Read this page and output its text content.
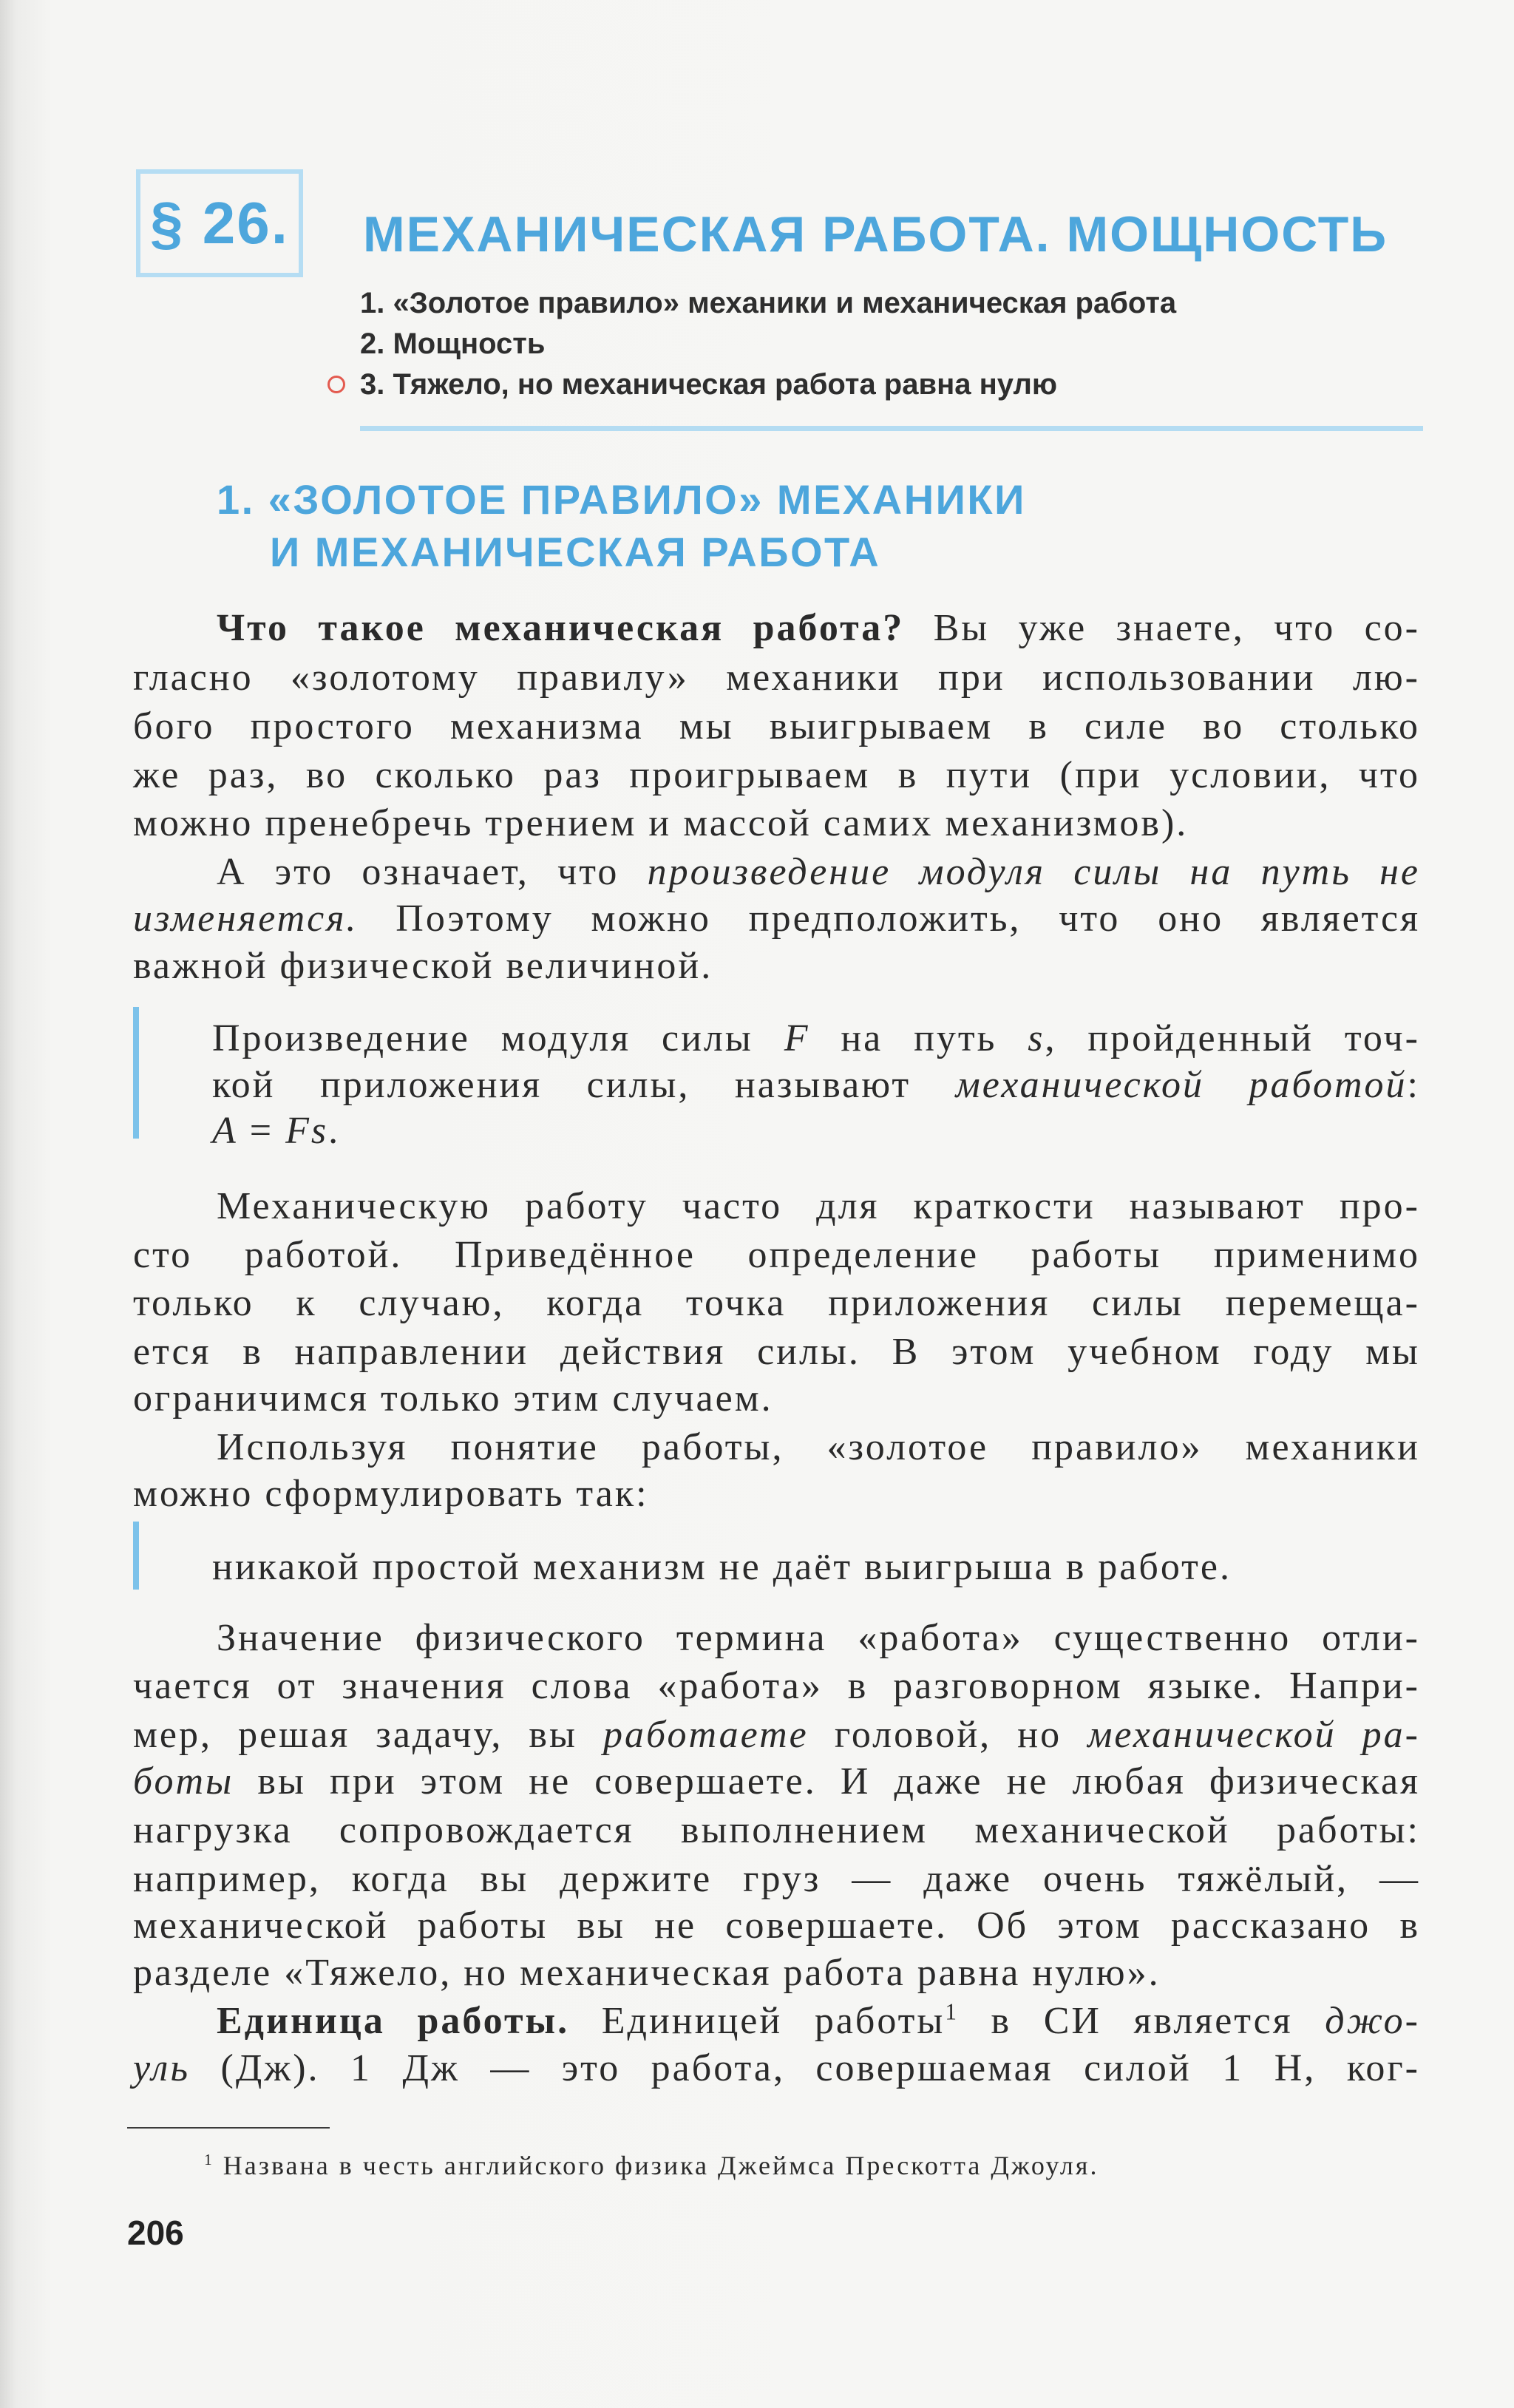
§ 26. МЕХАНИЧЕСКАЯ РАБОТА. МОЩНОСТЬ
1. «Золотое правило» механики и механическая работа
2. Мощность
3. Тяжело, но механическая работа равна нулю
1. «ЗОЛОТОЕ ПРАВИЛО» МЕХАНИКИ
И МЕХАНИЧЕСКАЯ РАБОТА
Что такое механическая работа? Вы уже знаете, что со-
гласно «золотому правилу» механики при использовании лю-
бого простого механизма мы выигрываем в силе во столько
же раз, во сколько раз проигрываем в пути (при условии, что
можно пренебречь трением и массой самих механизмов).
А это означает, что произведение модуля силы на путь не
изменяется. Поэтому можно предположить, что оно является
важной физической величиной.
Произведение модуля силы F на путь s, пройденный точ-
кой приложения силы, называют механической работой:
A = Fs.
Механическую работу часто для краткости называют про-
сто работой. Приведённое определение работы применимо
только к случаю, когда точка приложения силы перемеща-
ется в направлении действия силы. В этом учебном году мы
ограничимся только этим случаем.
Используя понятие работы, «золотое правило» механики
можно сформулировать так:
никакой простой механизм не даёт выигрыша в работе.
Значение физического термина «работа» существенно отли-
чается от значения слова «работа» в разговорном языке. Напри-
мер, решая задачу, вы работаете головой, но механической ра-
боты вы при этом не совершаете. И даже не любая физическая
нагрузка сопровождается выполнением механической работы:
например, когда вы держите груз — даже очень тяжёлый, —
механической работы вы не совершаете. Об этом рассказано в
разделе «Тяжело, но механическая работа равна нулю».
Единица работы. Единицей работы$^1$ в СИ является джо-
уль (Дж). 1 Дж — это работа, совершаемая силой 1 Н, ког-
$^1$ Названа в честь английского физика Джеймса Прескотта Джоуля.
206
